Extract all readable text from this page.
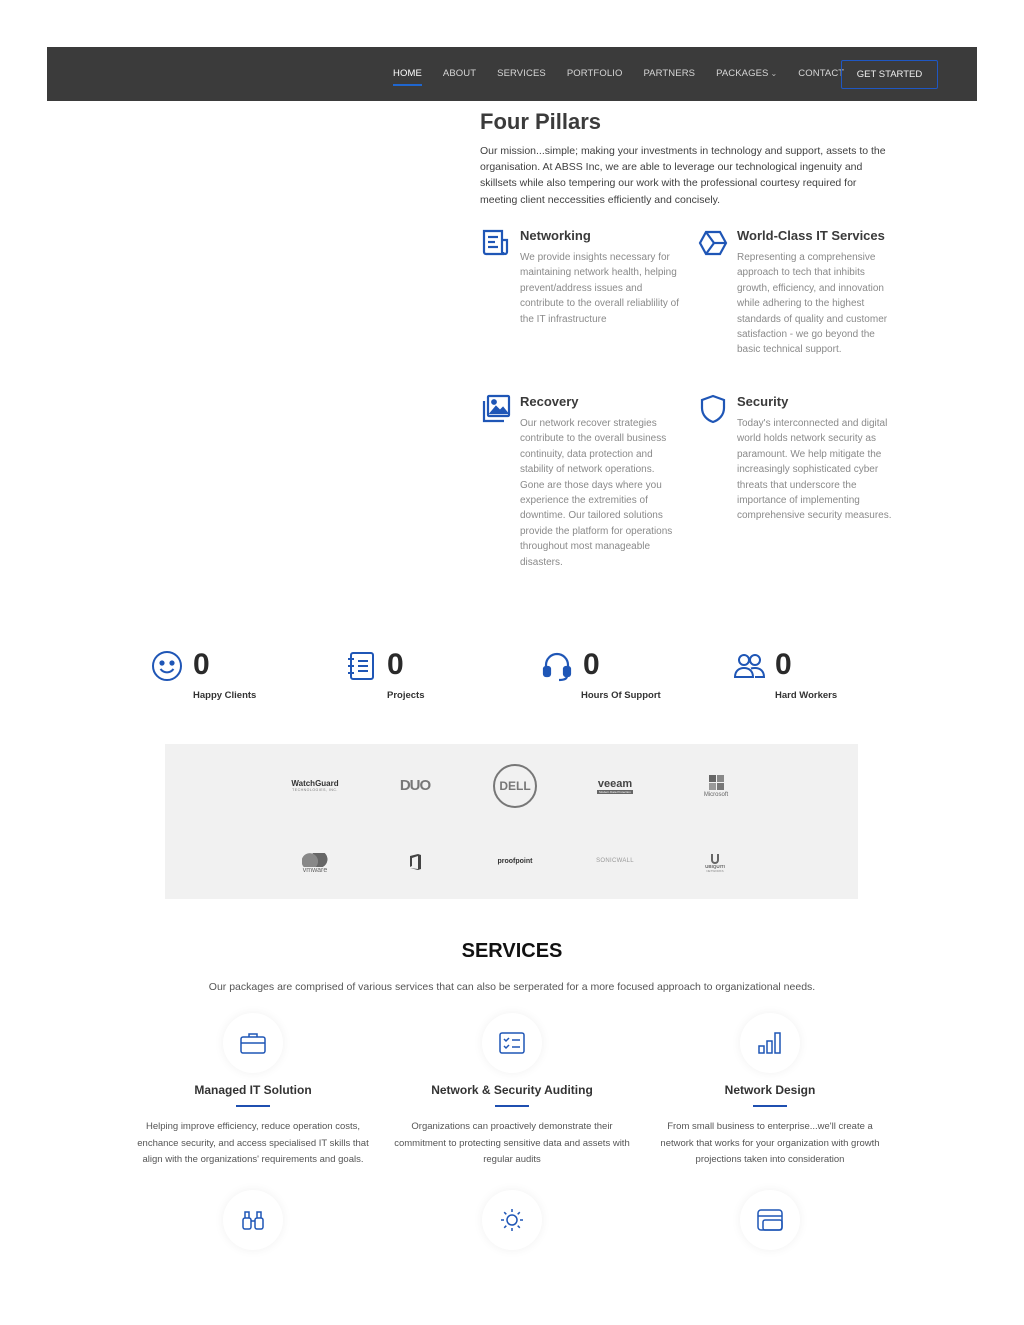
HOME ABOUT SERVICES PORTFOLIO PARTNERS PACKAGES ⌄ CONTACT	GET STARTED
Four Pillars
Our mission...simple; making your investments in technology and support, assets to the organisation. At ABSS Inc, we are able to leverage our technological ingenuity and skillsets while also tempering our work with the professional courtesy required for meeting client neccessities efficiently and concisely.
Networking
We provide insights necessary for maintaining network health, helping prevent/address issues and contribute to the overall reliablility of the IT infrastructure
World-Class IT Services
Representing a comprehensive approach to tech that inhibits growth, efficiency, and innovation while adhering to the highest standards of quality and customer satisfaction - we go beyond the basic technical support.
Recovery
Our network recover strategies contribute to the overall business continuity, data protection and stability of network operations. Gone are those days where you experience the extremities of downtime. Our tailored solutions provide the platform for operations throughout most manageable disasters.
Security
Today's interconnected and digital world holds network security as paramount. We help mitigate the increasingly sophisticated cyber threats that underscore the importance of implementing comprehensive security measures.
0
Happy Clients
0
Projects
0
Hours Of Support
0
Hard Workers
WatchGuard
TECHNOLOGIES, INC.	DUO	DELL	veeam
Modern Data Protection	Microsoft
vmware
proofpoint	SONICWALL
UBIQUITI
NETWORKS
SERVICES
Our packages are comprised of various services that can also be serperated for a more focused approach to organizational needs.
Managed IT Solution
Helping improve efficiency, reduce operation costs, enchance security, and access specialised IT skills that align with the organizations' requirements and goals.
Network & Security Auditing
Organizations can proactively demonstrate their commitment to protecting sensitive data and assets with regular audits
Network Design
From small business to enterprise...we'll create a network that works for your organization with growth projections taken into consideration
